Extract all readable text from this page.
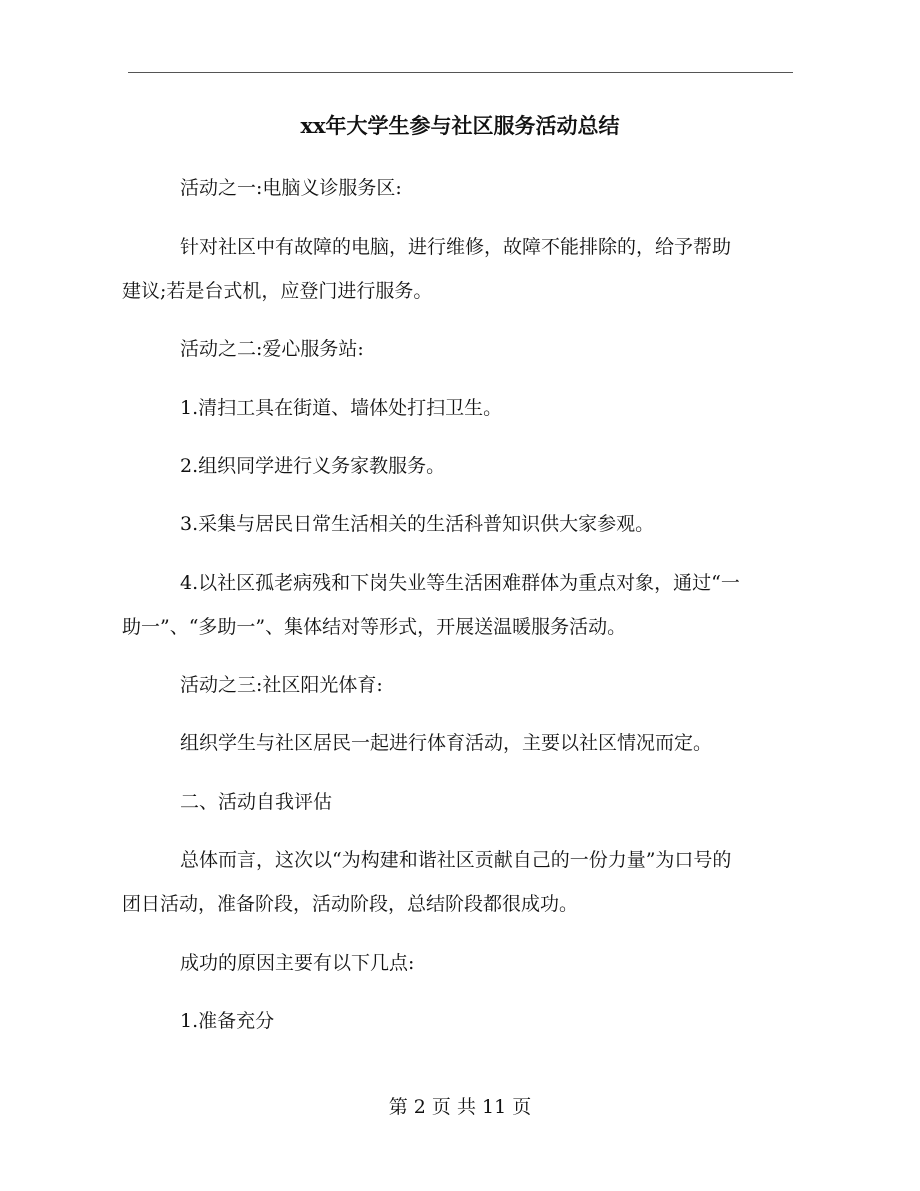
xx年大学生参与社区服务活动总结
活动之一:电脑义诊服务区:
针对社区中有故障的电脑，进行维修，故障不能排除的，给予帮助
建议;若是台式机，应登门进行服务。
活动之二:爱心服务站:
1.清扫工具在街道、墙体处打扫卫生。
2.组织同学进行义务家教服务。
3.采集与居民日常生活相关的生活科普知识供大家参观。
4.以社区孤老病残和下岗失业等生活困难群体为重点对象，通过“一
助一”、“多助一”、集体结对等形式，开展送温暖服务活动。
活动之三:社区阳光体育:
组织学生与社区居民一起进行体育活动，主要以社区情况而定。
二、活动自我评估
总体而言，这次以“为构建和谐社区贡献自己的一份力量”为口号的
团日活动，准备阶段，活动阶段，总结阶段都很成功。
成功的原因主要有以下几点:
1.准备充分
第 2 页 共 11 页
